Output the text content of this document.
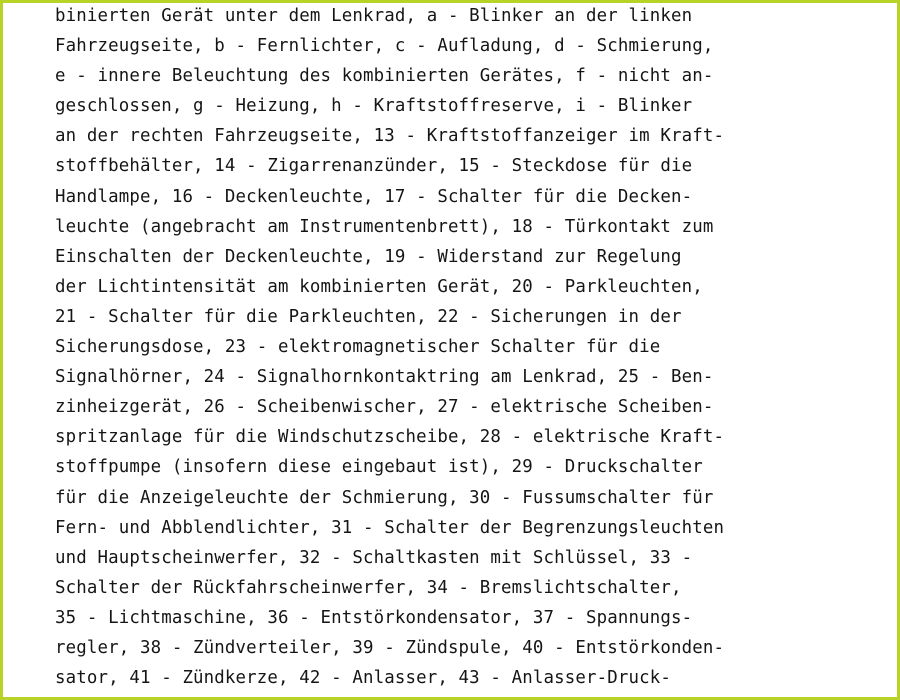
binierten Gerät unter dem Lenkrad, a - Blinker an der linken
Fahrzeugseite, b - Fernlichter, c - Aufladung, d - Schmierung,
e - innere Beleuchtung des kombinierten Gerätes, f - nicht an-
geschlossen, g - Heizung, h - Kraftstoffreserve, i - Blinker
an der rechten Fahrzeugseite, 13 - Kraftstoffanzeiger im Kraft-
stoffbehälter, 14 - Zigarrenanzünder, 15 - Steckdose für die
Handlampe, 16 - Deckenleuchte, 17 - Schalter für die Decken-
leuchte (angebracht am Instrumentenbrett), 18 - Türkontakt zum
Einschalten der Deckenleuchte, 19 - Widerstand zur Regelung
der Lichtintensität am kombinierten Gerät, 20 - Parkleuchten,
21 - Schalter für die Parkleuchten, 22 - Sicherungen in der
Sicherungsdose, 23 - elektromagnetischer Schalter für die
Signalhörner, 24 - Signalhornkontaktring am Lenkrad, 25 - Ben-
zinheizgerät, 26 - Scheibenwischer, 27 - elektrische Scheiben-
spritzanlage für die Windschutzscheibe, 28 - elektrische Kraft-
stoffpumpe (insofern diese eingebaut ist), 29 - Druckschalter
für die Anzeigeleuchte der Schmierung, 30 - Fussumschalter für
Fern- und Abblendlichter, 31 - Schalter der Begrenzungsleuchten
und Hauptscheinwerfer, 32 - Schaltkasten mit Schlüssel, 33 -
Schalter der Rückfahrscheinwerfer, 34 - Bremslichtschalter,
35 - Lichtmaschine, 36 - Entstörkondensator, 37 - Spannungs-
regler, 38 - Zündverteiler, 39 - Zündspule, 40 - Entstörkonden-
sator, 41 - Zündkerze, 42 - Anlasser, 43 - Anlasser-Druck-
